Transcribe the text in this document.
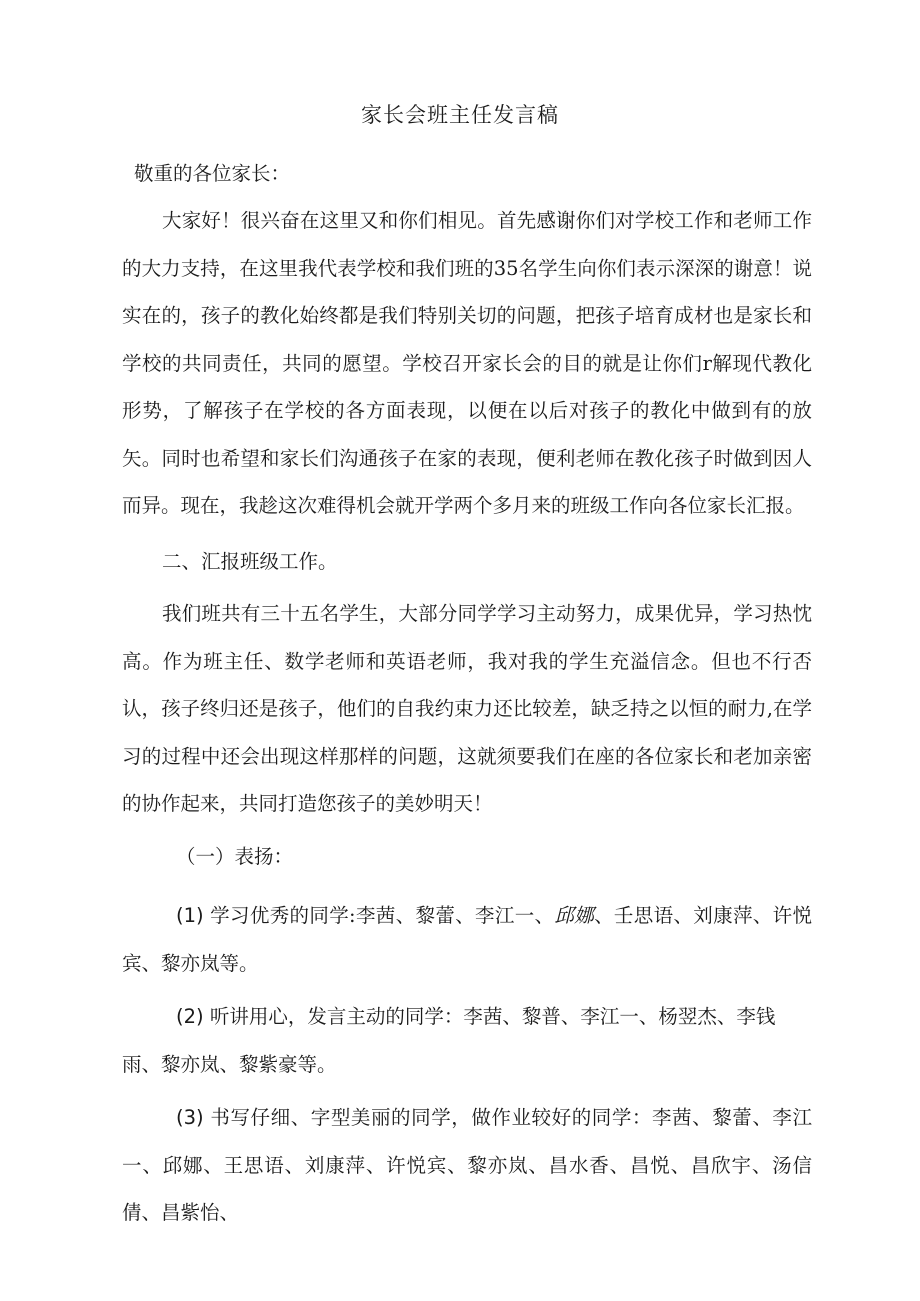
家长会班主任发言稿

敬重的各位家长：

大家好！很兴奋在这里又和你们相见。首先感谢你们对学校工作和老师工作的大力支持，在这里我代表学校和我们班的35名学生向你们表示深深的谢意！说实在的，孩子的教化始终都是我们特别关切的问题，把孩子培育成材也是家长和学校的共同责任，共同的愿望。学校召开家长会的目的就是让你们r解现代教化形势，了解孩子在学校的各方面表现，以便在以后对孩子的教化中做到有的放矢。同时也希望和家长们沟通孩子在家的表现，便利老师在教化孩子时做到因人而异。现在，我趁这次难得机会就开学两个多月来的班级工作向各位家长汇报。

二、汇报班级工作。

我们班共有三十五名学生，大部分同学学习主动努力，成果优异，学习热忱高。作为班主任、数学老师和英语老师，我对我的学生充溢信念。但也不行否认，孩子终归还是孩子，他们的自我约束力还比较差，缺乏持之以恒的耐力,在学习的过程中还会出现这样那样的问题，这就须要我们在座的各位家长和老加亲密的协作起来，共同打造您孩子的美妙明天！

（一）表扬：

(1) 学习优秀的同学:李茜、黎蕾、李江一、邱娜、壬思语、刘康萍、许悦宾、黎亦岚等。

(2) 听讲用心，发言主动的同学：李茜、黎普、李江一、杨翌杰、李钱
雨、黎亦岚、黎紫豪等。

(3) 书写仔细、字型美丽的同学，做作业较好的同学：李茜、黎蕾、李江一、邱娜、王思语、刘康萍、许悦宾、黎亦岚、昌水香、昌悦、昌欣宇、汤信倩、昌紫怡、
